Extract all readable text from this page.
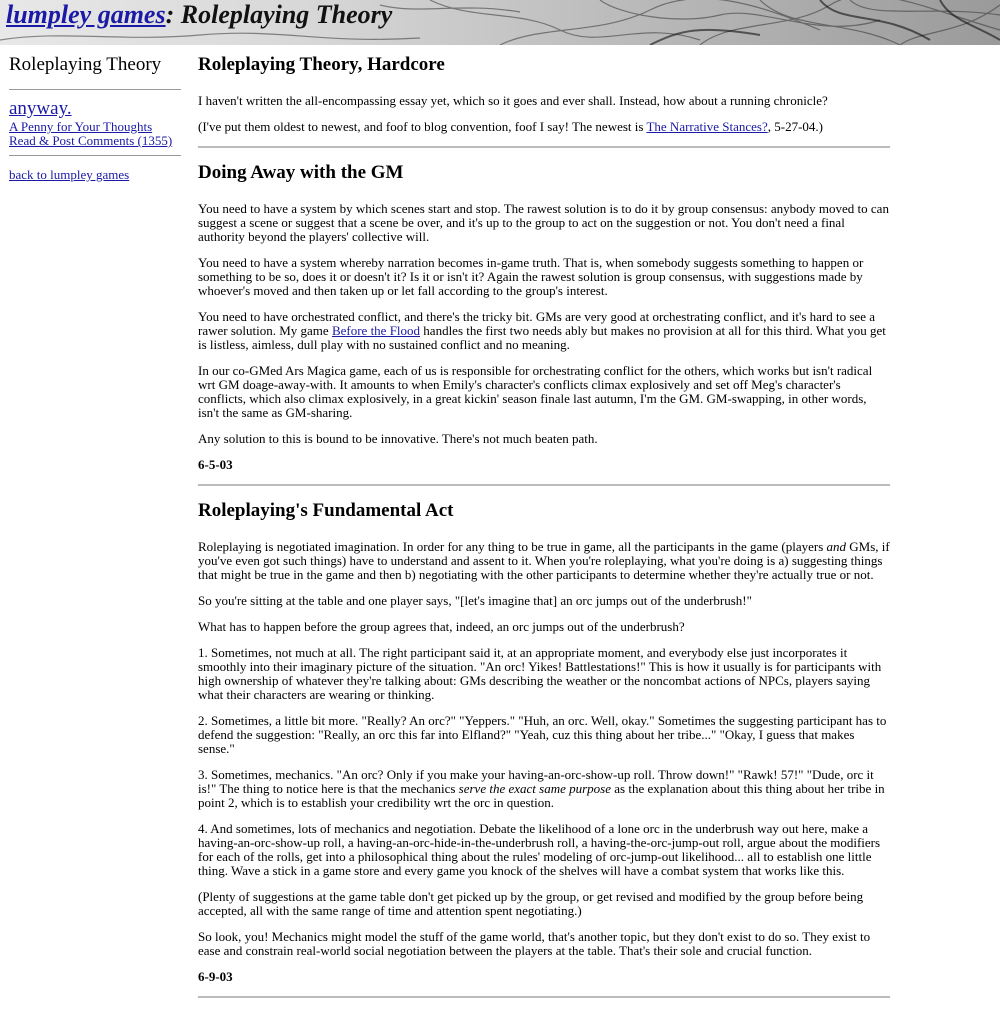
lumpley games: Roleplaying Theory
Roleplaying Theory
anyway.
A Penny for Your Thoughts
Read & Post Comments (1355)
back to lumpley games
Roleplaying Theory, Hardcore

I haven't written the all-encompassing essay yet, which so it goes and ever shall. Instead, how about a running chronicle?

(I've put them oldest to newest, and foof to blog convention, foof I say! The newest is The Narrative Stances?, 5-27-04.)

Doing Away with the GM

You need to have a system by which scenes start and stop. The rawest solution is to do it by group consensus: anybody moved to can suggest a scene or suggest that a scene be over, and it's up to the group to act on the suggestion or not. You don't need a final authority beyond the players' collective will.

You need to have a system whereby narration becomes in-game truth. That is, when somebody suggests something to happen or something to be so, does it or doesn't it? Is it or isn't it? Again the rawest solution is group consensus, with suggestions made by whoever's moved and then taken up or let fall according to the group's interest.

You need to have orchestrated conflict, and there's the tricky bit. GMs are very good at orchestrating conflict, and it's hard to see a rawer solution. My game Before the Flood handles the first two needs ably but makes no provision at all for this third. What you get is listless, aimless, dull play with no sustained conflict and no meaning.

In our co-GMed Ars Magica game, each of us is responsible for orchestrating conflict for the others, which works but isn't radical wrt GM doage-away-with. It amounts to when Emily's character's conflicts climax explosively and set off Meg's character's conflicts, which also climax explosively, in a great kickin' season finale last autumn, I'm the GM. GM-swapping, in other words, isn't the same as GM-sharing.

Any solution to this is bound to be innovative. There's not much beaten path.

6-5-03

Roleplaying's Fundamental Act

Roleplaying is negotiated imagination. In order for any thing to be true in game, all the participants in the game (players and GMs, if you've even got such things) have to understand and assent to it. When you're roleplaying, what you're doing is a) suggesting things that might be true in the game and then b) negotiating with the other participants to determine whether they're actually true or not.

So you're sitting at the table and one player says, "[let's imagine that] an orc jumps out of the underbrush!"

What has to happen before the group agrees that, indeed, an orc jumps out of the underbrush?

1. Sometimes, not much at all. The right participant said it, at an appropriate moment, and everybody else just incorporates it smoothly into their imaginary picture of the situation. "An orc! Yikes! Battlestations!" This is how it usually is for participants with high ownership of whatever they're talking about: GMs describing the weather or the noncombat actions of NPCs, players saying what their characters are wearing or thinking.

2. Sometimes, a little bit more. "Really? An orc?" "Yeppers." "Huh, an orc. Well, okay." Sometimes the suggesting participant has to defend the suggestion: "Really, an orc this far into Elfland?" "Yeah, cuz this thing about her tribe..." "Okay, I guess that makes sense."

3. Sometimes, mechanics. "An orc? Only if you make your having-an-orc-show-up roll. Throw down!" "Rawk! 57!" "Dude, orc it is!" The thing to notice here is that the mechanics serve the exact same purpose as the explanation about this thing about her tribe in point 2, which is to establish your credibility wrt the orc in question.

4. And sometimes, lots of mechanics and negotiation. Debate the likelihood of a lone orc in the underbrush way out here, make a having-an-orc-show-up roll, a having-an-orc-hide-in-the-underbrush roll, a having-the-orc-jump-out roll, argue about the modifiers for each of the rolls, get into a philosophical thing about the rules' modeling of orc-jump-out likelihood... all to establish one little thing. Wave a stick in a game store and every game you knock of the shelves will have a combat system that works like this.

(Plenty of suggestions at the game table don't get picked up by the group, or get revised and modified by the group before being accepted, all with the same range of time and attention spent negotiating.)

So look, you! Mechanics might model the stuff of the game world, that's another topic, but they don't exist to do so. They exist to ease and constrain real-world social negotiation between the players at the table. That's their sole and crucial function.

6-9-03
